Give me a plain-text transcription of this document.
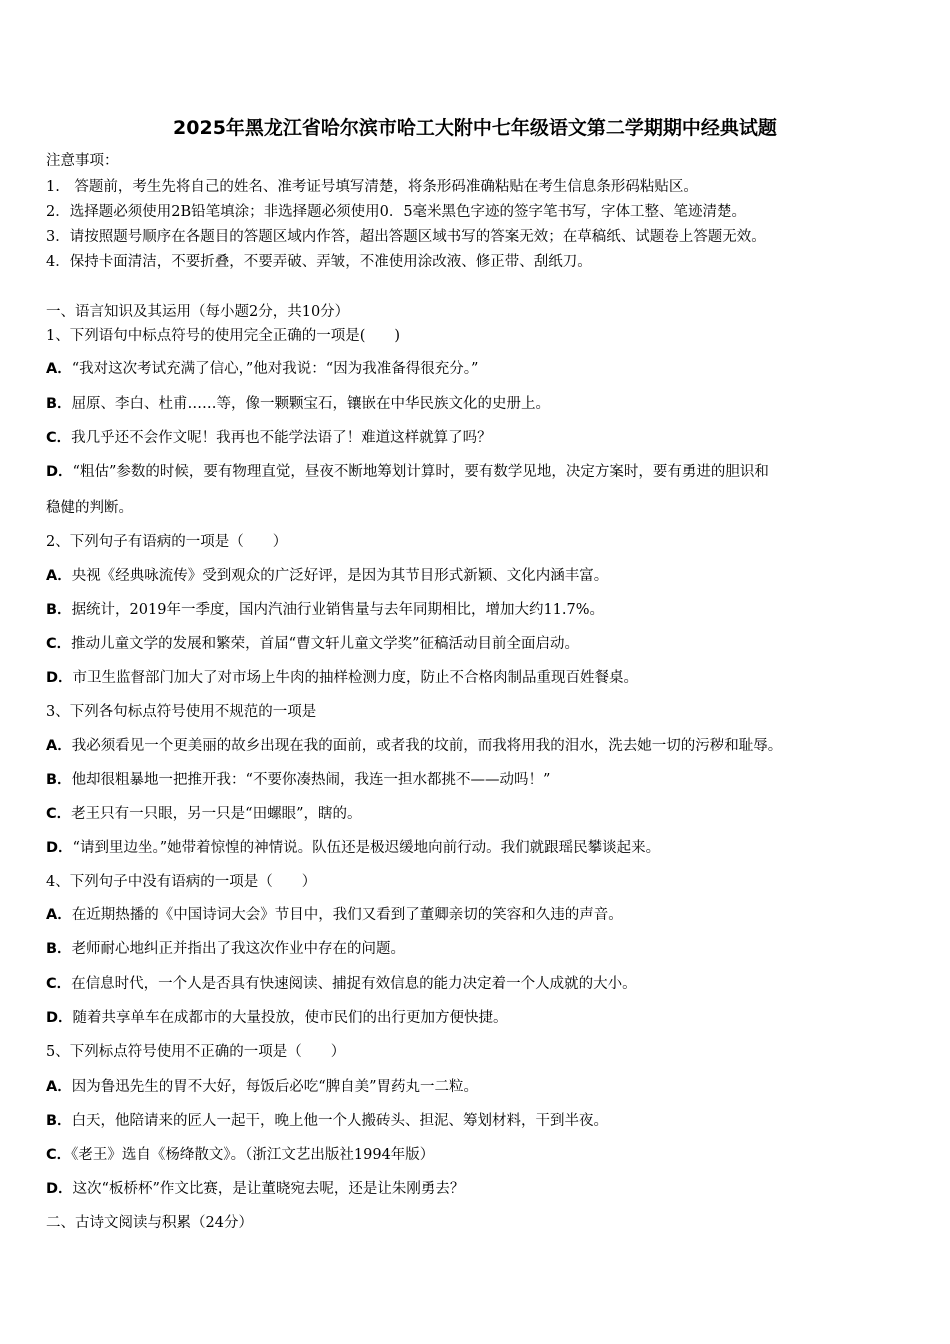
2025年黑龙江省哈尔滨市哈工大附中七年级语文第二学期期中经典试题
注意事项：
1.　答题前，考生先将自己的姓名、准考证号填写清楚，将条形码准确粘贴在考生信息条形码粘贴区。
2．选择题必须使用2B铅笔填涂；非选择题必须使用0．5毫米黑色字迹的签字笔书写，字体工整、笔迹清楚。
3．请按照题号顺序在各题目的答题区域内作答，超出答题区域书写的答案无效；在草稿纸、试题卷上答题无效。
4．保持卡面清洁，不要折叠，不要弄破、弄皱，不准使用涂改液、修正带、刮纸刀。
一、语言知识及其运用（每小题2分，共10分）
1、下列语句中标点符号的使用完全正确的一项是(　　)
A．“我对这次考试充满了信心，”他对我说：“因为我准备得很充分。”
B．屈原、李白、杜甫……等，像一颗颗宝石，镶嵌在中华民族文化的史册上。
C．我几乎还不会作文呢！我再也不能学法语了！难道这样就算了吗？
D．“粗估”参数的时候，要有物理直觉，昼夜不断地筹划计算时，要有数学见地，决定方案时，要有勇进的胆识和
稳健的判断。
2、下列句子有语病的一项是（　　）
A．央视《经典咏流传》受到观众的广泛好评，是因为其节目形式新颖、文化内涵丰富。
B．据统计，2019年一季度，国内汽油行业销售量与去年同期相比，增加大约11.7%。
C．推动儿童文学的发展和繁荣，首届“曹文轩儿童文学奖”征稿活动目前全面启动。
D．市卫生监督部门加大了对市场上牛肉的抽样检测力度，防止不合格肉制品重现百姓餐桌。
3、下列各句标点符号使用不规范的一项是
A．我必须看见一个更美丽的故乡出现在我的面前，或者我的坟前，而我将用我的泪水，洗去她一切的污秽和耻辱。
B．他却很粗暴地一把推开我：“不要你凑热闹，我连一担水都挑不——动吗！”
C．老王只有一只眼，另一只是“田螺眼”，瞎的。
D．“请到里边坐。”她带着惊惶的神情说。队伍还是极迟缓地向前行动。我们就跟瑶民攀谈起来。
4、下列句子中没有语病的一项是（　　）
A．在近期热播的《中国诗词大会》节目中，我们又看到了董卿亲切的笑容和久违的声音。
B．老师耐心地纠正并指出了我这次作业中存在的问题。
C．在信息时代，一个人是否具有快速阅读、捕捉有效信息的能力决定着一个人成就的大小。
D．随着共享单车在成都市的大量投放，使市民们的出行更加方便快捷。
5、下列标点符号使用不正确的一项是（　　）
A．因为鲁迅先生的胃不大好，每饭后必吃“脾自美”胃药丸一二粒。
B．白天，他陪请来的匠人一起干，晚上他一个人搬砖头、担泥、筹划材料，干到半夜。
C．《老王》选自《杨绛散文》。（浙江文艺出版社1994年版）
D．这次“板桥杯”作文比赛，是让董晓宛去呢，还是让朱刚勇去？
二、古诗文阅读与积累（24分）
